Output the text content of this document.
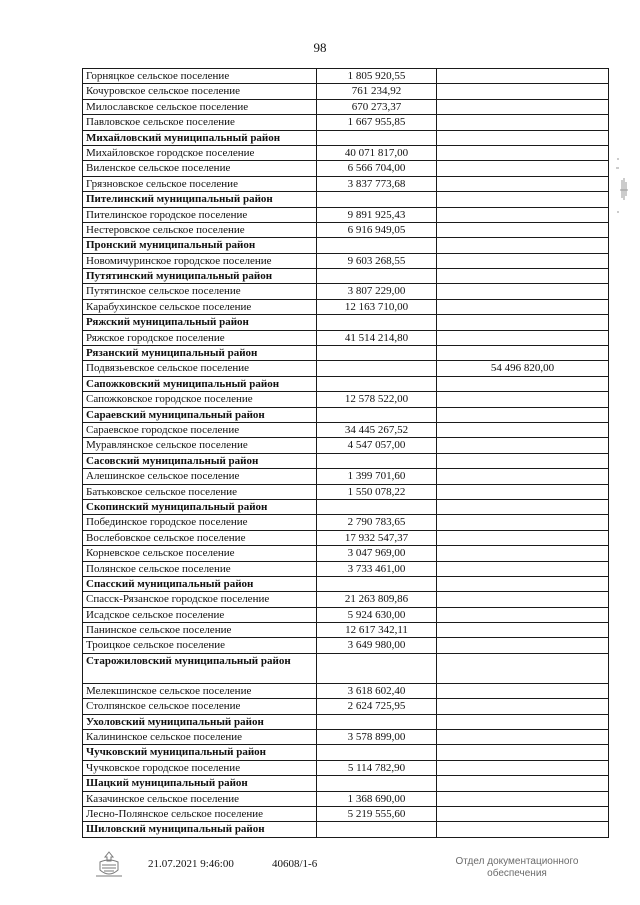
98
Горняцкое сельское поселение	1 805 920,55	
Кочуровское сельское поселение	761 234,92	
Милославское сельское поселение	670 273,37	
Павловское сельское поселение	1 667 955,85	
Михайловский муниципальный район		
Михайловское городское поселение	40 071 817,00	
Виленское сельское поселение	6 566 704,00	
Грязновское сельское поселение	3 837 773,68	
Пителинский муниципальный район		
Пителинское городское поселение	9 891 925,43	
Нестеровское сельское поселение	6 916 949,05	
Пронский муниципальный район		
Новомичуринское городское поселение	9 603 268,55	
Путятинский муниципальный район		
Путятинское сельское поселение	3 807 229,00	
Карабухинское сельское поселение	12 163 710,00	
Ряжский муниципальный район		
Ряжское городское поселение	41 514 214,80	
Рязанский муниципальный район		
Подвязьевское сельское поселение		54 496 820,00
Сапожковский муниципальный район		
Сапожковское городское поселение	12 578 522,00	
Сараевский муниципальный район		
Сараевское городское поселение	34 445 267,52	
Муравлянское сельское поселение	4 547 057,00	
Сасовский муниципальный район		
Алешинское сельское поселение	1 399 701,60	
Батьковское сельское поселение	1 550 078,22	
Скопинский муниципальный район		
Побединское городское поселение	2 790 783,65	
Вослебовское сельское поселение	17 932 547,37	
Корневское сельское поселение	3 047 969,00	
Полянское сельское поселение	3 733 461,00	
Спасский муниципальный район		
Спасск-Рязанское городское поселение	21 263 809,86	
Исадское сельское поселение	5 924 630,00	
Панинское сельское поселение	12 617 342,11	
Троицкое сельское поселение	3 649 980,00	
Старожиловский муниципальный район		
Мелекшинское сельское поселение	3 618 602,40	
Столпянское сельское поселение	2 624 725,95	
Ухоловский муниципальный район		
Калининское сельское поселение	3 578 899,00	
Чучковский муниципальный район		
Чучковское городское поселение	5 114 782,90	
Шацкий муниципальный район		
Казачинское сельское поселение	1 368 690,00	
Лесно-Полянское сельское поселение	5 219 555,60	
Шиловский муниципальный район		
21.07.2021 9:46:00	40608/1-6	Отдел документационного
обеспечения
